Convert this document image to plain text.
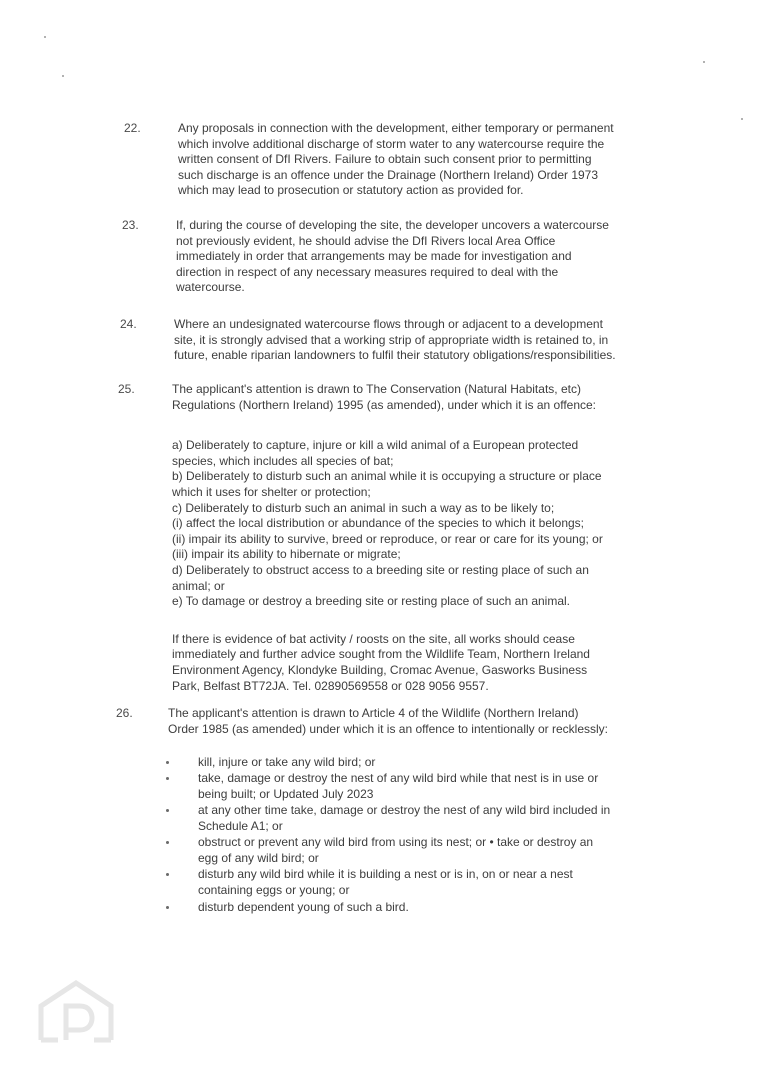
22.	Any proposals in connection with the development, either temporary or permanent
which involve additional discharge of storm water to any watercourse require the
written consent of DfI Rivers. Failure to obtain such consent prior to permitting
such discharge is an offence under the Drainage (Northern Ireland) Order 1973
which may lead to prosecution or statutory action as provided for.
23.	If, during the course of developing the site, the developer uncovers a watercourse
not previously evident, he should advise the DfI Rivers local Area Office
immediately in order that arrangements may be made for investigation and
direction in respect of any necessary measures required to deal with the
watercourse.
24.	Where an undesignated watercourse flows through or adjacent to a development
site, it is strongly advised that a working strip of appropriate width is retained to, in
future, enable riparian landowners to fulfil their statutory obligations/responsibilities.
25.	The applicant's attention is drawn to The Conservation (Natural Habitats, etc)
Regulations (Northern Ireland) 1995 (as amended), under which it is an offence:
a) Deliberately to capture, injure or kill a wild animal of a European protected
species, which includes all species of bat;
b) Deliberately to disturb such an animal while it is occupying a structure or place
which it uses for shelter or protection;
c) Deliberately to disturb such an animal in such a way as to be likely to;
(i) affect the local distribution or abundance of the species to which it belongs;
(ii) impair its ability to survive, breed or reproduce, or rear or care for its young; or
(iii) impair its ability to hibernate or migrate;
d) Deliberately to obstruct access to a breeding site or resting place of such an
animal; or
e) To damage or destroy a breeding site or resting place of such an animal.
If there is evidence of bat activity / roosts on the site, all works should cease
immediately and further advice sought from the Wildlife Team, Northern Ireland
Environment Agency, Klondyke Building, Cromac Avenue, Gasworks Business
Park, Belfast BT72JA. Tel. 02890569558 or 028 9056 9557.
26.	The applicant's attention is drawn to Article 4 of the Wildlife (Northern Ireland)
Order 1985 (as amended) under which it is an offence to intentionally or recklessly:
kill, injure or take any wild bird; or
take, damage or destroy the nest of any wild bird while that nest is in use or
being built; or Updated July 2023
at any other time take, damage or destroy the nest of any wild bird included in
Schedule A1; or
obstruct or prevent any wild bird from using its nest; or • take or destroy an
egg of any wild bird; or
disturb any wild bird while it is building a nest or is in, on or near a nest
containing eggs or young; or
disturb dependent young of such a bird.
